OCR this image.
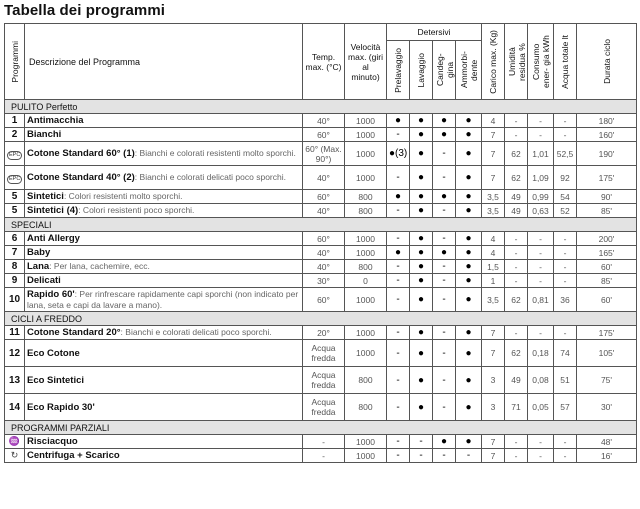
Tabella dei programmi
Programmi	Descrizione del Programma	Temp. max. (°C)	Velocità max. (giri al minuto)	Detersivi				Carico max. (Kg)	Umidità residua %	Consumo ener- gia kWh	Acqua totale lt	Durata ciclo

				Prelavaggio	Lavaggio	Candeg- gina	Ammorbi- dente					

PULITO Perfetto												
1	Antimacchia	40°	1000	●	●	●	●	4	-	-	-	180'
2	Bianchi	60°	1000	-	●	●	●	7	-	-	-	160'
EPC	Cotone Standard 60° (1): Bianchi e colorati resistenti molto sporchi.	60° (Max. 90°)	1000	●(3)	●	-	●	7	62	1,01	52,5	190'
EPC	Cotone Standard 40° (2): Bianchi e colorati delicati poco sporchi.	40°	1000	-	●	-	●	7	62	1,09	92	175'
5	Sintetici: Colori resistenti molto sporchi.	60°	800	●	●	●	●	3,5	49	0,99	54	90'
5	Sintetici (4): Colori resistenti poco sporchi.	40°	800	-	●	-	●	3,5	49	0,63	52	85'
SPECIALI												
6	Anti Allergy	60°	1000	-	●	-	●	4	-	-	-	200'
7	Baby	40°	1000	●	●	●	●	4	-	-	-	165'
8	Lana: Per lana, cachemire, ecc.	40°	800	-	●	-	●	1,5	-	-	-	60'
9	Delicati	30°	0	-	●	-	●	1	-	-	-	85'
10	Rapido 60': Per rinfrescare rapidamente capi sporchi (non indicato per lana, seta e capi da lavare a mano).	60°	1000	-	●	-	●	3,5	62	0,81	36	60'
CICLI A FREDDO												
11	Cotone Standard 20°: Bianchi e colorati delicati poco sporchi.	20°	1000	-	●	-	●	7	-	-	-	175'
12	Eco Cotone	Acqua fredda	1000	-	●	-	●	7	62	0,18	74	105'
13	Eco Sintetici	Acqua fredda	800	-	●	-	●	3	49	0,08	51	75'
14	Eco Rapido 30'	Acqua fredda	800	-	●	-	●	3	71	0,05	57	30'
PROGRAMMI PARZIALI												
♒	Risciacquo	-	1000	-	-	●	●	7	-	-	-	48'
↻	Centrifuga + Scarico	-	1000	-	-	-	-	7	-	-	-	16'
